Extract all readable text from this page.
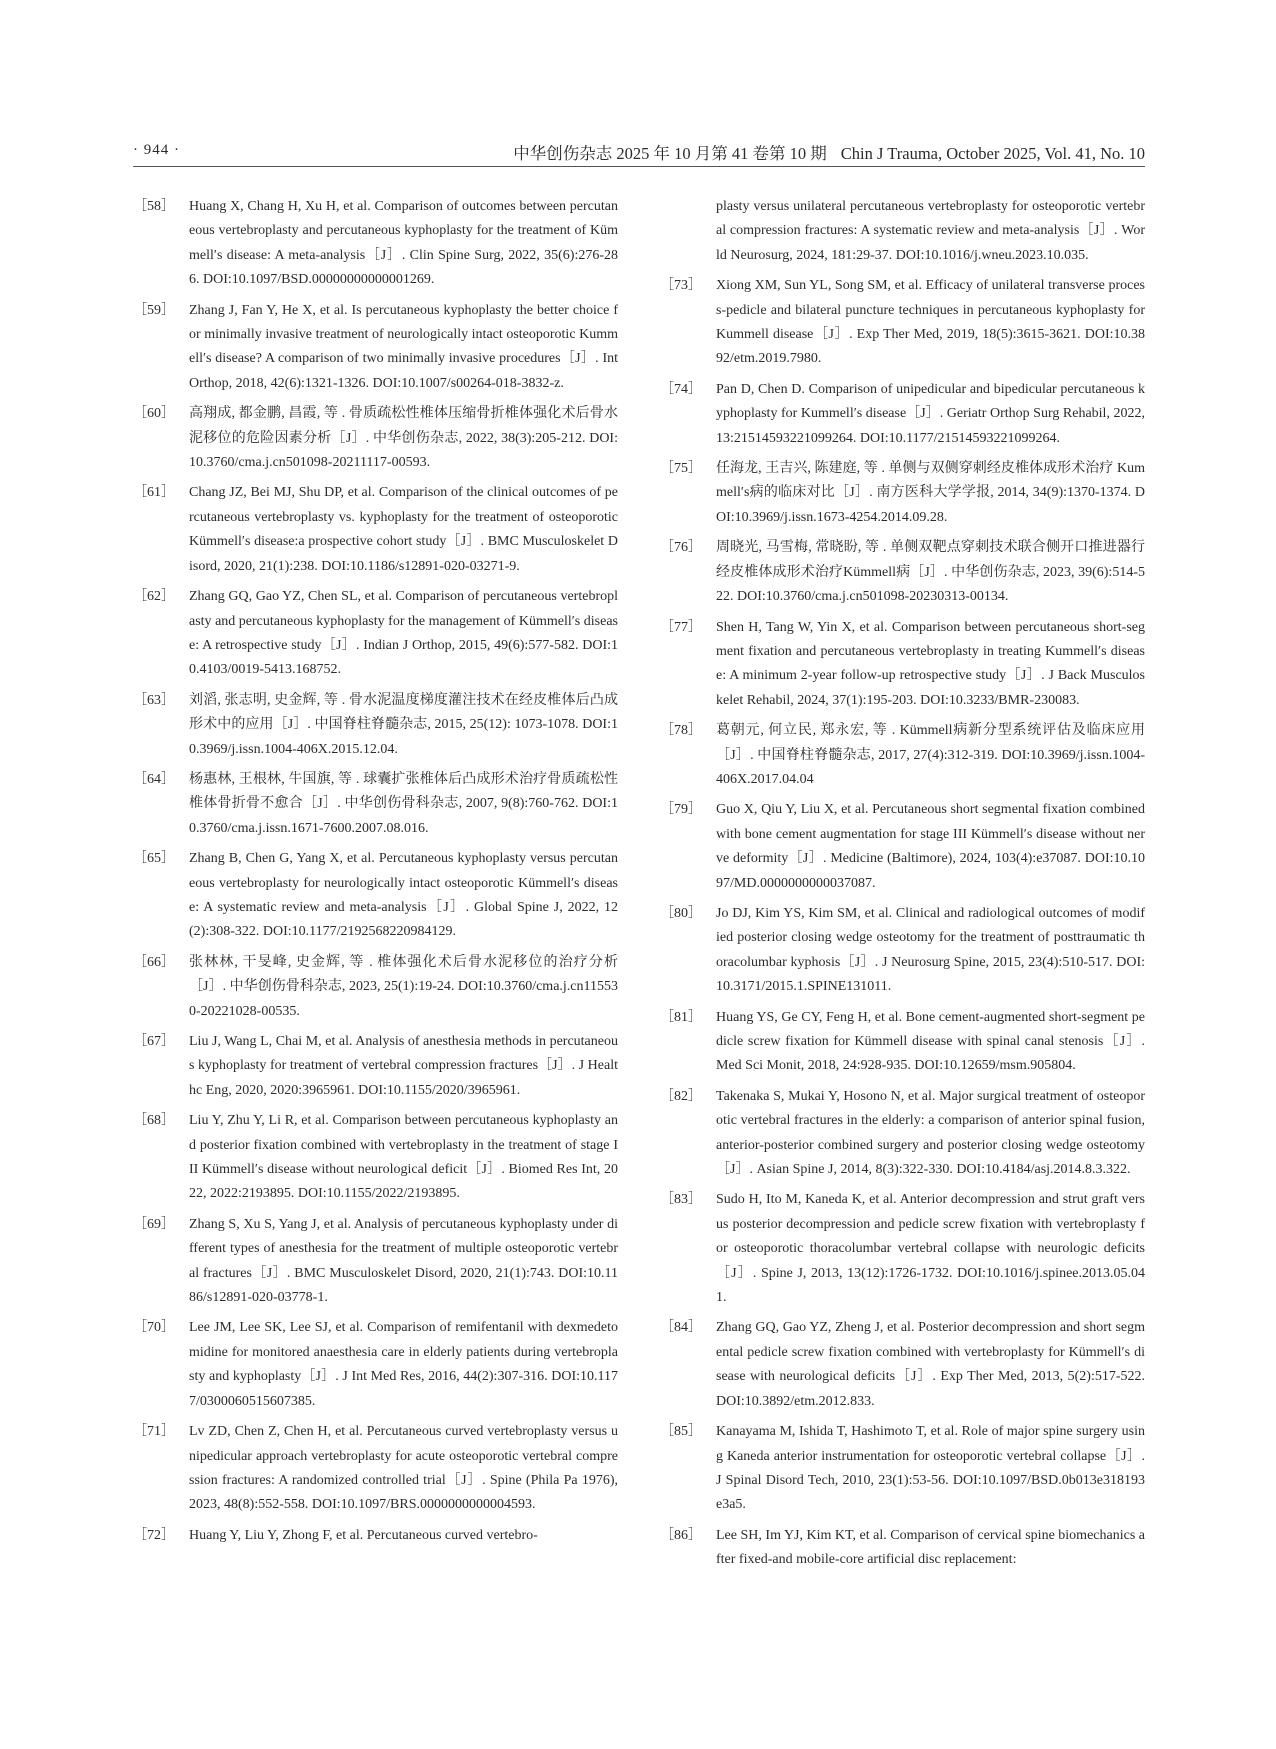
· 944 ·	中华创伤杂志 2025 年 10 月第 41 卷第 10 期 Chin J Trauma, October 2025, Vol. 41, No. 10
［58］	Huang X, Chang H, Xu H, et al. Comparison of outcomes between percutaneous vertebroplasty and percutaneous kyphoplasty for the treatment of Kümmell′s disease: A meta-analysis［J］. Clin Spine Surg, 2022, 35(6):276-286. DOI:10.1097/BSD.00000000000001269.
［59］	Zhang J, Fan Y, He X, et al. Is percutaneous kyphoplasty the better choice for minimally invasive treatment of neurologically intact osteoporotic Kummell′s disease? A comparison of two minimally invasive procedures［J］. Int Orthop, 2018, 42(6):1321-1326. DOI:10.1007/s00264-018-3832-z.
［60］	高翔成, 都金鹏, 昌霞, 等 . 骨质疏松性椎体压缩骨折椎体强化术后骨水泥移位的危险因素分析［J］. 中华创伤杂志, 2022, 38(3):205-212. DOI:10.3760/cma.j.cn501098-20211117-00593.
［61］	Chang JZ, Bei MJ, Shu DP, et al. Comparison of the clinical outcomes of percutaneous vertebroplasty vs. kyphoplasty for the treatment of osteoporotic Kümmell′s disease:a prospective cohort study［J］. BMC Musculoskelet Disord, 2020, 21(1):238. DOI:10.1186/s12891-020-03271-9.
［62］	Zhang GQ, Gao YZ, Chen SL, et al. Comparison of percutaneous vertebroplasty and percutaneous kyphoplasty for the management of Kümmell′s disease: A retrospective study［J］. Indian J Orthop, 2015, 49(6):577-582. DOI:10.4103/0019-5413.168752.
［63］	刘滔, 张志明, 史金辉, 等 . 骨水泥温度梯度灌注技术在经皮椎体后凸成形术中的应用［J］. 中国脊柱脊髓杂志, 2015, 25(12): 1073-1078. DOI:10.3969/j.issn.1004-406X.2015.12.04.
［64］	杨惠林, 王根林, 牛国旗, 等 . 球囊扩张椎体后凸成形术治疗骨质疏松性椎体骨折骨不愈合［J］. 中华创伤骨科杂志, 2007, 9(8):760-762. DOI:10.3760/cma.j.issn.1671-7600.2007.08.016.
［65］	Zhang B, Chen G, Yang X, et al. Percutaneous kyphoplasty versus percutaneous vertebroplasty for neurologically intact osteoporotic Kümmell′s disease: A systematic review and meta-analysis［J］. Global Spine J, 2022, 12(2):308-322. DOI:10.1177/2192568220984129.
［66］	张林林, 干旻峰, 史金辉, 等 . 椎体强化术后骨水泥移位的治疗分析［J］. 中华创伤骨科杂志, 2023, 25(1):19-24. DOI:10.3760/cma.j.cn115530-20221028-00535.
［67］	Liu J, Wang L, Chai M, et al. Analysis of anesthesia methods in percutaneous kyphoplasty for treatment of vertebral compression fractures［J］. J Healthc Eng, 2020, 2020:3965961. DOI:10.1155/2020/3965961.
［68］	Liu Y, Zhu Y, Li R, et al. Comparison between percutaneous kyphoplasty and posterior fixation combined with vertebroplasty in the treatment of stage III Kümmell′s disease without neurological deficit［J］. Biomed Res Int, 2022, 2022:2193895. DOI:10.1155/2022/2193895.
［69］	Zhang S, Xu S, Yang J, et al. Analysis of percutaneous kyphoplasty under different types of anesthesia for the treatment of multiple osteoporotic vertebral fractures［J］. BMC Musculoskelet Disord, 2020, 21(1):743. DOI:10.1186/s12891-020-03778-1.
［70］	Lee JM, Lee SK, Lee SJ, et al. Comparison of remifentanil with dexmedetomidine for monitored anaesthesia care in elderly patients during vertebroplasty and kyphoplasty［J］. J Int Med Res, 2016, 44(2):307-316. DOI:10.1177/0300060515607385.
［71］	Lv ZD, Chen Z, Chen H, et al. Percutaneous curved vertebroplasty versus unipedicular approach vertebroplasty for acute osteoporotic vertebral compression fractures: A randomized controlled trial［J］. Spine (Phila Pa 1976), 2023, 48(8):552-558. DOI:10.1097/BRS.0000000000004593.
［72］	Huang Y, Liu Y, Zhong F, et al. Percutaneous curved vertebro-
plasty versus unilateral percutaneous vertebroplasty for osteoporotic vertebral compression fractures: A systematic review and meta-analysis［J］. World Neurosurg, 2024, 181:29-37. DOI:10.1016/j.wneu.2023.10.035.
［73］	Xiong XM, Sun YL, Song SM, et al. Efficacy of unilateral transverse process-pedicle and bilateral puncture techniques in percutaneous kyphoplasty for Kummell disease［J］. Exp Ther Med, 2019, 18(5):3615-3621. DOI:10.3892/etm.2019.7980.
［74］	Pan D, Chen D. Comparison of unipedicular and bipedicular percutaneous kyphoplasty for Kummell′s disease［J］. Geriatr Orthop Surg Rehabil, 2022, 13:21514593221099264. DOI:10.1177/21514593221099264.
［75］	任海龙, 王吉兴, 陈建庭, 等 . 单侧与双侧穿刺经皮椎体成形术治疗 Kummell′s病的临床对比［J］. 南方医科大学学报, 2014, 34(9):1370-1374. DOI:10.3969/j.issn.1673-4254.2014.09.28.
［76］	周晓光, 马雪梅, 常晓盼, 等 . 单侧双靶点穿刺技术联合侧开口推进器行经皮椎体成形术治疗Kümmell病［J］. 中华创伤杂志, 2023, 39(6):514-522. DOI:10.3760/cma.j.cn501098-20230313-00134.
［77］	Shen H, Tang W, Yin X, et al. Comparison between percutaneous short-segment fixation and percutaneous vertebroplasty in treating Kummell′s disease: A minimum 2-year follow-up retrospective study［J］. J Back Musculoskelet Rehabil, 2024, 37(1):195-203. DOI:10.3233/BMR-230083.
［78］	葛朝元, 何立民, 郑永宏, 等 . Kümmell病新分型系统评估及临床应用［J］. 中国脊柱脊髓杂志, 2017, 27(4):312-319. DOI:10.3969/j.issn.1004-406X.2017.04.04
［79］	Guo X, Qiu Y, Liu X, et al. Percutaneous short segmental fixation combined with bone cement augmentation for stage III Kümmell′s disease without nerve deformity［J］. Medicine (Baltimore), 2024, 103(4):e37087. DOI:10.1097/MD.0000000000037087.
［80］	Jo DJ, Kim YS, Kim SM, et al. Clinical and radiological outcomes of modified posterior closing wedge osteotomy for the treatment of posttraumatic thoracolumbar kyphosis［J］. J Neurosurg Spine, 2015, 23(4):510-517. DOI:10.3171/2015.1.SPINE131011.
［81］	Huang YS, Ge CY, Feng H, et al. Bone cement-augmented short-segment pedicle screw fixation for Kümmell disease with spinal canal stenosis［J］. Med Sci Monit, 2018, 24:928-935. DOI:10.12659/msm.905804.
［82］	Takenaka S, Mukai Y, Hosono N, et al. Major surgical treatment of osteoporotic vertebral fractures in the elderly: a comparison of anterior spinal fusion, anterior-posterior combined surgery and posterior closing wedge osteotomy［J］. Asian Spine J, 2014, 8(3):322-330. DOI:10.4184/asj.2014.8.3.322.
［83］	Sudo H, Ito M, Kaneda K, et al. Anterior decompression and strut graft versus posterior decompression and pedicle screw fixation with vertebroplasty for osteoporotic thoracolumbar vertebral collapse with neurologic deficits［J］. Spine J, 2013, 13(12):1726-1732. DOI:10.1016/j.spinee.2013.05.041.
［84］	Zhang GQ, Gao YZ, Zheng J, et al. Posterior decompression and short segmental pedicle screw fixation combined with vertebroplasty for Kümmell′s disease with neurological deficits［J］. Exp Ther Med, 2013, 5(2):517-522. DOI:10.3892/etm.2012.833.
［85］	Kanayama M, Ishida T, Hashimoto T, et al. Role of major spine surgery using Kaneda anterior instrumentation for osteoporotic vertebral collapse［J］. J Spinal Disord Tech, 2010, 23(1):53-56. DOI:10.1097/BSD.0b013e318193e3a5.
［86］	Lee SH, Im YJ, Kim KT, et al. Comparison of cervical spine biomechanics after fixed-and mobile-core artificial disc replacement:
